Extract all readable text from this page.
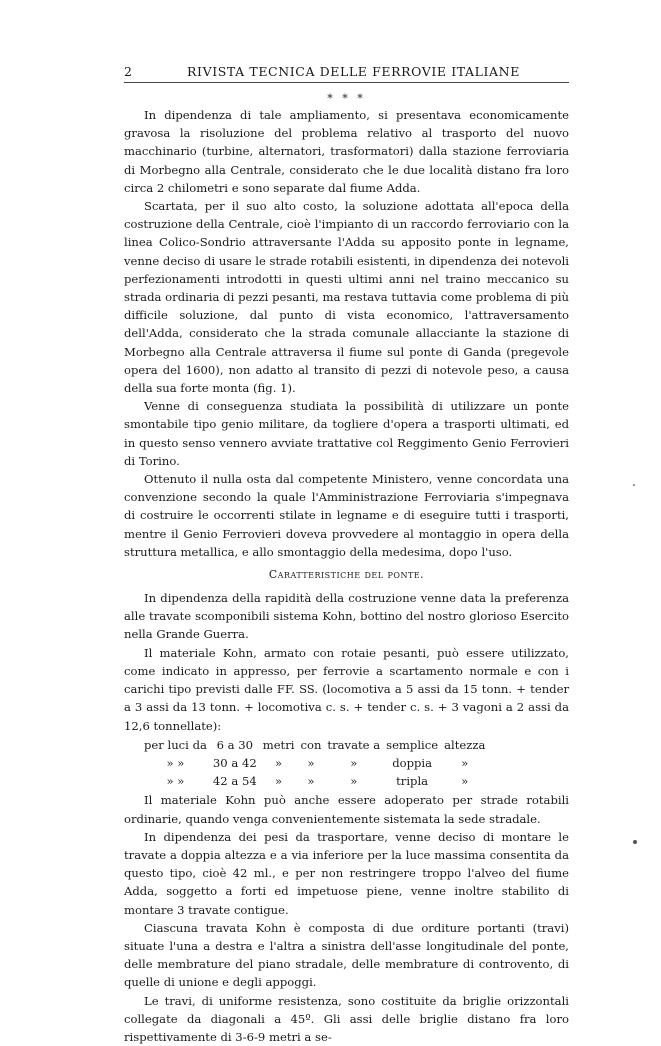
2	RIVISTA TECNICA DELLE FERROVIE ITALIANE
* * *

In dipendenza di tale ampliamento, si presentava economicamente gravosa la risoluzione del problema relativo al trasporto del nuovo macchinario (turbine, alternatori, trasformatori) dalla stazione ferroviaria di Morbegno alla Centrale, considerato che le due località distano fra loro circa 2 chilometri e sono separate dal fiume Adda.

Scartata, per il suo alto costo, la soluzione adottata all'epoca della costruzione della Centrale, cioè l'impianto di un raccordo ferroviario con la linea Colico-Sondrio attraversante l'Adda su apposito ponte in legname, venne deciso di usare le strade rotabili esistenti, in dipendenza dei notevoli perfezionamenti introdotti in questi ultimi anni nel traino meccanico su strada ordinaria di pezzi pesanti, ma restava tuttavia come problema di più difficile soluzione, dal punto di vista economico, l'attraversamento dell'Adda, considerato che la strada comunale allacciante la stazione di Morbegno alla Centrale attraversa il fiume sul ponte di Ganda (pregevole opera del 1600), non adatto al transito di pezzi di notevole peso, a causa della sua forte monta (fig. 1).

Venne di conseguenza studiata la possibilità di utilizzare un ponte smontabile tipo genio militare, da togliere d'opera a trasporti ultimati, ed in questo senso vennero avviate trattative col Reggimento Genio Ferrovieri di Torino.

Ottenuto il nulla osta dal competente Ministero, venne concordata una convenzione secondo la quale l'Amministrazione Ferroviaria s'impegnava di costruire le occorrenti stilate in legname e di eseguire tutti i trasporti, mentre il Genio Ferrovieri doveva provvedere al montaggio in opera della struttura metallica, e allo smontaggio della medesima, dopo l'uso.

Caratteristiche del ponte.

In dipendenza della rapidità della costruzione venne data la preferenza alle travate scomponibili sistema Kohn, bottino del nostro glorioso Esercito nella Grande Guerra.

Il materiale Kohn, armato con rotaie pesanti, può essere utilizzato, come indicato in appresso, per ferrovie a scartamento normale e con i carichi tipo previsti dalle FF. SS. (locomotiva a 5 assi da 15 tonn. + tender a 3 assi da 13 tonn. + locomotiva c. s. + tender c. s. + 3 vagoni a 2 assi da 12,6 tonnellate):

per luci da	6 a 30	metri	con	travate a	semplice	altezza
» »	30 a 42	»	»	»	doppia	»
» »	42 a 54	»	»	»	tripla	»

Il materiale Kohn può anche essere adoperato per strade rotabili ordinarie, quando venga convenientemente sistemata la sede stradale.

In dipendenza dei pesi da trasportare, venne deciso di montare le travate a doppia altezza e a via inferiore per la luce massima consentita da questo tipo, cioè 42 ml., e per non restringere troppo l'alveo del fiume Adda, soggetto a forti ed impetuose piene, venne inoltre stabilito di montare 3 travate contigue.

Ciascuna travata Kohn è composta di due orditure portanti (travi) situate l'una a destra e l'altra a sinistra dell'asse longitudinale del ponte, delle membrature del piano stradale, delle membrature di controvento, di quelle di unione e degli appoggi.

Le travi, di uniforme resistenza, sono costituite da briglie orizzontali collegate da diagonali a 45º. Gli assi delle briglie distano fra loro rispettivamente di 3-6-9 metri a se-
